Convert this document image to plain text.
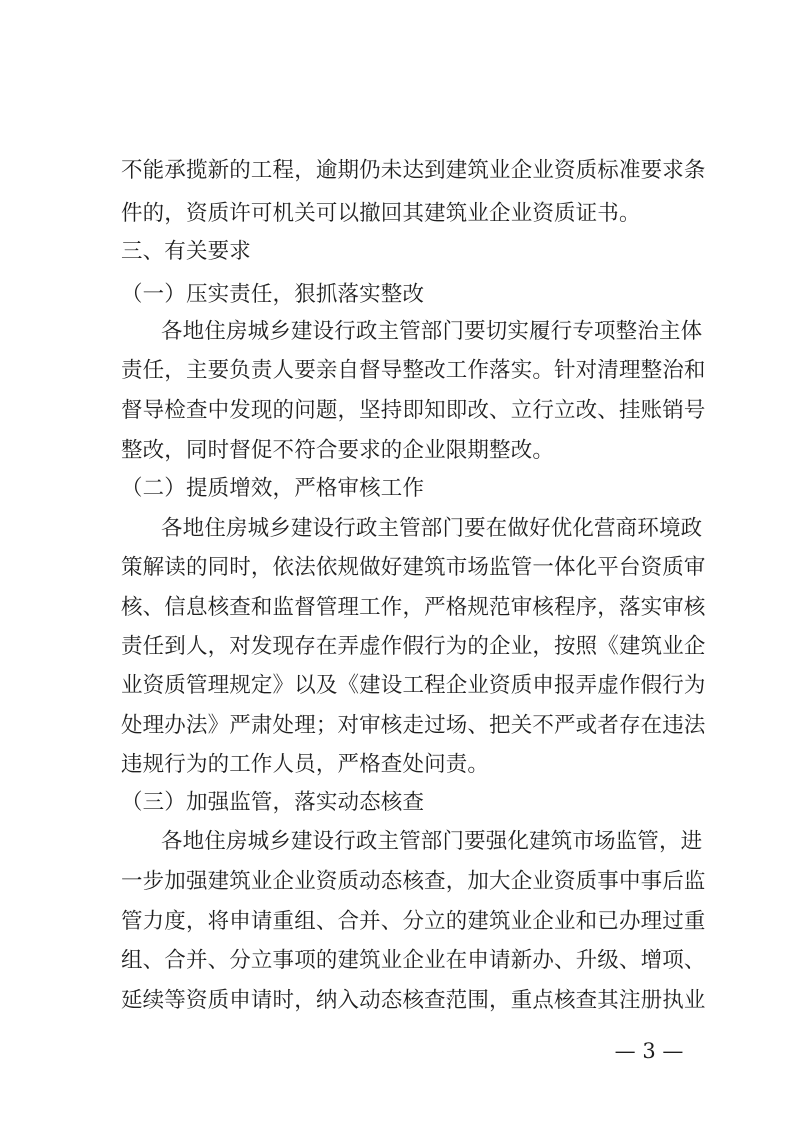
不能承揽新的工程，逾期仍未达到建筑业企业资质标准要求条
件的，资质许可机关可以撤回其建筑业企业资质证书。
三、有关要求
（一）压实责任，狠抓落实整改
各地住房城乡建设行政主管部门要切实履行专项整治主体
责任，主要负责人要亲自督导整改工作落实。针对清理整治和
督导检查中发现的问题，坚持即知即改、立行立改、挂账销号
整改，同时督促不符合要求的企业限期整改。
（二）提质增效，严格审核工作
各地住房城乡建设行政主管部门要在做好优化营商环境政
策解读的同时，依法依规做好建筑市场监管一体化平台资质审
核、信息核查和监督管理工作，严格规范审核程序，落实审核
责任到人，对发现存在弄虚作假行为的企业，按照《建筑业企
业资质管理规定》以及《建设工程企业资质申报弄虚作假行为
处理办法》严肃处理；对审核走过场、把关不严或者存在违法
违规行为的工作人员，严格查处问责。
（三）加强监管，落实动态核查
各地住房城乡建设行政主管部门要强化建筑市场监管，进
一步加强建筑业企业资质动态核查，加大企业资质事中事后监
管力度，将申请重组、合并、分立的建筑业企业和已办理过重
组、合并、分立事项的建筑业企业在申请新办、升级、增项、
延续等资质申请时，纳入动态核查范围，重点核查其注册执业
— 3 —
